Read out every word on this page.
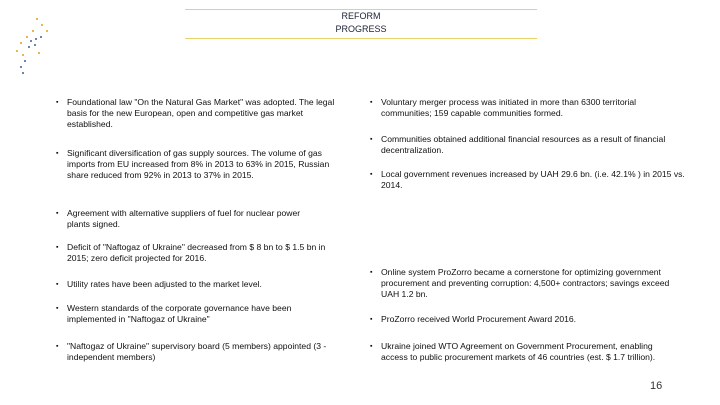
REFORM
PROGRESS
▪ Foundational law "On the Natural Gas Market" was adopted. The legal basis for the new European, open and competitive gas market established.
▪ Significant diversification of gas supply sources. The volume of gas imports from EU increased from 8% in 2013 to 63% in 2015, Russian share reduced from 92% in 2013 to 37% in 2015.
▪ Agreement with alternative suppliers of fuel for nuclear power plants signed.
▪ Deficit of "Naftogaz of Ukraine" decreased from $ 8 bn to $ 1.5 bn in 2015; zero deficit projected for 2016.
▪ Utility rates have been adjusted to the market level.
▪ Western standards of the corporate governance have been implemented in "Naftogaz of Ukraine"
▪ "Naftogaz of Ukraine" supervisory board (5 members) appointed (3 - independent members)
▪ Voluntary merger process was initiated in more than 6300 territorial communities; 159 capable communities formed.
▪ Communities obtained additional financial resources as a result of financial decentralization.
▪ Local government revenues increased by UAH 29.6 bn. (i.e. 42.1% ) in 2015 vs. 2014.
▪ Online system ProZorro became a cornerstone for optimizing government procurement and preventing corruption: 4,500+ contractors; savings exceed UAH 1.2 bn.
▪ ProZorro received World Procurement Award 2016.
▪ Ukraine joined WTO Agreement on Government Procurement, enabling access to public procurement markets of 46 countries (est. $ 1.7 trillion).
16
